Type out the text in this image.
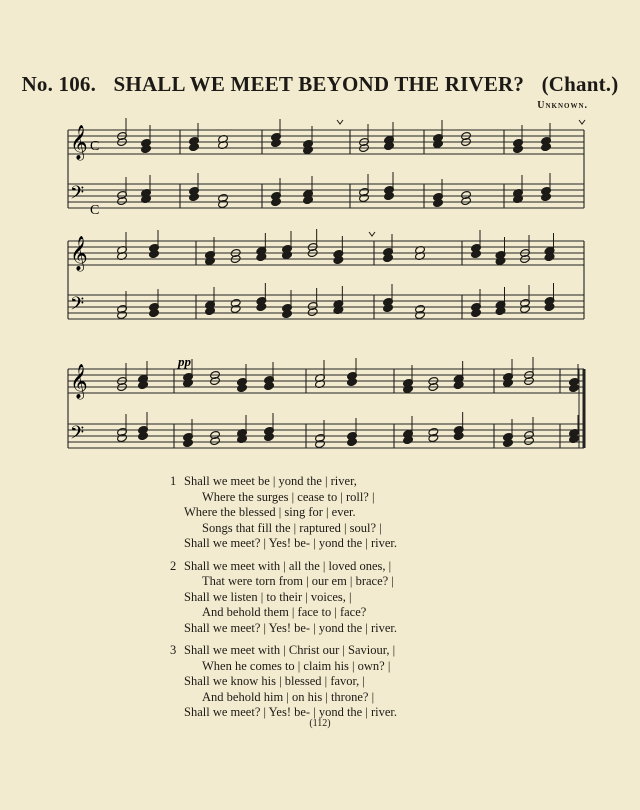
No. 106. SHALL WE MEET BEYOND THE RIVER? (Chant.)
Unknown.
𝄞
𝄢
𝄞
𝄢
𝄞
𝄢
pp
C
C
1 Shall we meet be | yond the | river,
Where the surges | cease to | roll? |
Where the blessed | sing for | ever.
Songs that fill the | raptured | soul? |
Shall we meet? | Yes! be- | yond the | river.
2 Shall we meet with | all the | loved ones, |
That were torn from | our em | brace? |
Shall we listen | to their | voices, |
And behold them | face to | face?
Shall we meet? | Yes! be- | yond the | river.
3 Shall we meet with | Christ our | Saviour, |
When he comes to | claim his | own? |
Shall we know his | blessed | favor, |
And behold him | on his | throne? |
Shall we meet? | Yes! be- | yond the | river.
(112)
